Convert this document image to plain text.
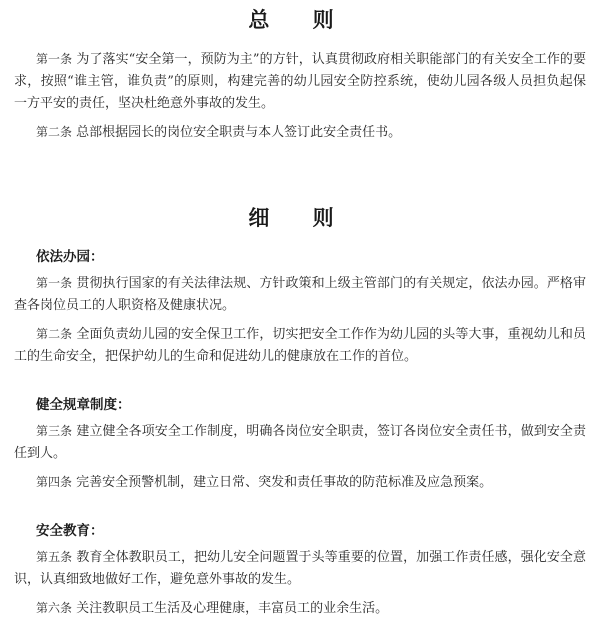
总 则

第一条 为了落实“安全第一，预防为主”的方针，认真贯彻政府相关职能部门的有关安全工作的要求，按照“谁主管，谁负责”的原则，构建完善的幼儿园安全防控系统，使幼儿园各级人员担负起保一方平安的责任，坚决杜绝意外事故的发生。

第二条 总部根据园长的岗位安全职责与本人签订此安全责任书。

细 则
依法办园：

第一条 贯彻执行国家的有关法律法规、方针政策和上级主管部门的有关规定，依法办园。严格审查各岗位员工的人职资格及健康状况。

第二条 全面负责幼儿园的安全保卫工作，切实把安全工作作为幼儿园的头等大事，重视幼儿和员工的生命安全，把保护幼儿的生命和促进幼儿的健康放在工作的首位。

健全规章制度：

第三条 建立健全各项安全工作制度，明确各岗位安全职责，签订各岗位安全责任书，做到安全责任到人。

第四条 完善安全预警机制，建立日常、突发和责任事故的防范标准及应急预案。

安全教育：

第五条 教育全体教职员工，把幼儿安全问题置于头等重要的位置，加强工作责任感，强化安全意识，认真细致地做好工作，避免意外事故的发生。

第六条 关注教职员工生活及心理健康，丰富员工的业余生活。
